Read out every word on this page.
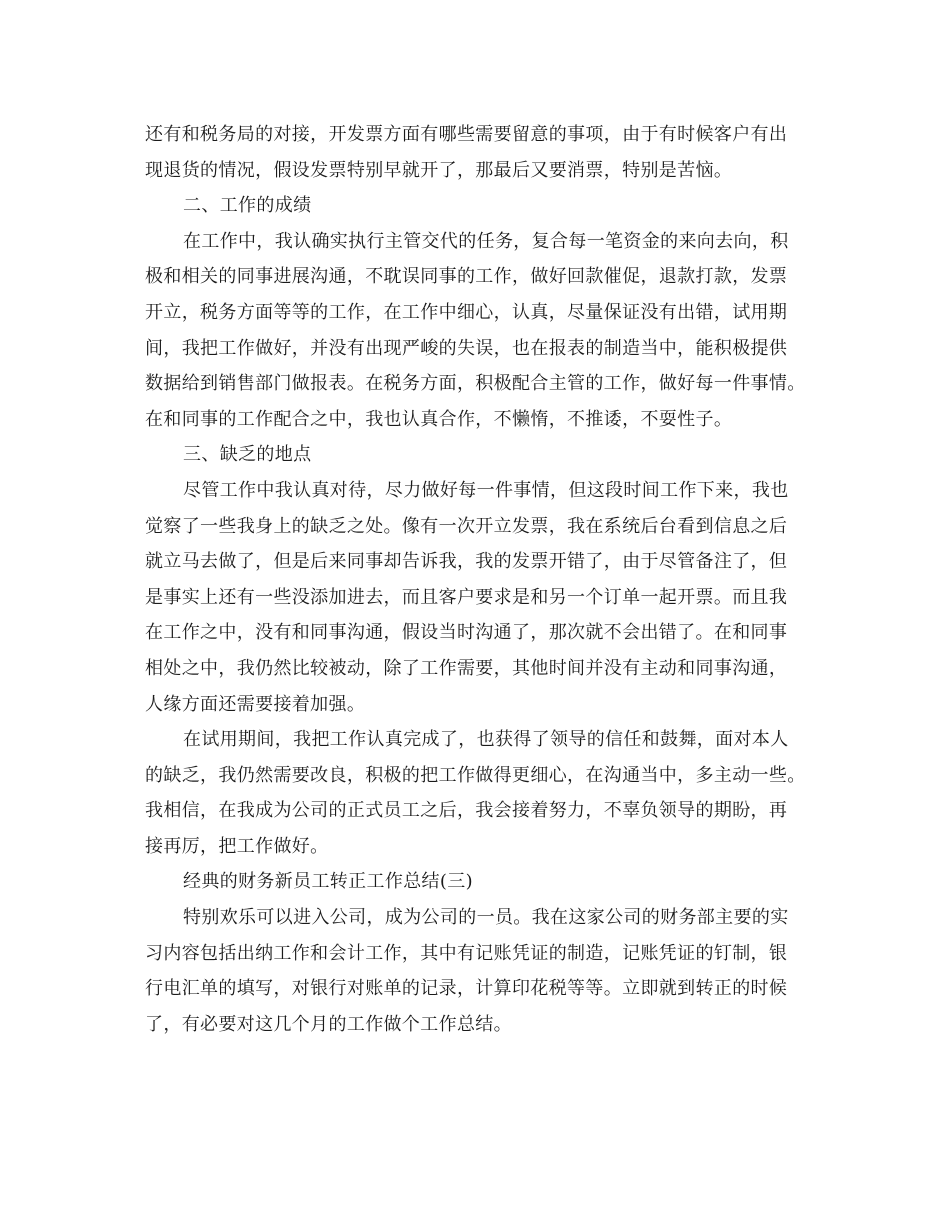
还有和税务局的对接，开发票方面有哪些需要留意的事项，由于有时候客户有出
现退货的情况，假设发票特别早就开了，那最后又要消票，特别是苦恼。
二、工作的成绩
在工作中，我认确实执行主管交代的任务，复合每一笔资金的来向去向，积
极和相关的同事进展沟通，不耽误同事的工作，做好回款催促，退款打款，发票
开立，税务方面等等的工作，在工作中细心，认真，尽量保证没有出错，试用期
间，我把工作做好，并没有出现严峻的失误，也在报表的制造当中，能积极提供
数据给到销售部门做报表。在税务方面，积极配合主管的工作，做好每一件事情。
在和同事的工作配合之中，我也认真合作，不懒惰，不推诿，不耍性子。
三、缺乏的地点
尽管工作中我认真对待，尽力做好每一件事情，但这段时间工作下来，我也
觉察了一些我身上的缺乏之处。像有一次开立发票，我在系统后台看到信息之后
就立马去做了，但是后来同事却告诉我，我的发票开错了，由于尽管备注了，但
是事实上还有一些没添加进去，而且客户要求是和另一个订单一起开票。而且我
在工作之中，没有和同事沟通，假设当时沟通了，那次就不会出错了。在和同事
相处之中，我仍然比较被动，除了工作需要，其他时间并没有主动和同事沟通，
人缘方面还需要接着加强。
在试用期间，我把工作认真完成了，也获得了领导的信任和鼓舞，面对本人
的缺乏，我仍然需要改良，积极的把工作做得更细心，在沟通当中，多主动一些。
我相信，在我成为公司的正式员工之后，我会接着努力，不辜负领导的期盼，再
接再厉，把工作做好。
经典的财务新员工转正工作总结(三)
特别欢乐可以进入公司，成为公司的一员。我在这家公司的财务部主要的实
习内容包括出纳工作和会计工作，其中有记账凭证的制造，记账凭证的钉制，银
行电汇单的填写，对银行对账单的记录，计算印花税等等。立即就到转正的时候
了，有必要对这几个月的工作做个工作总结。
